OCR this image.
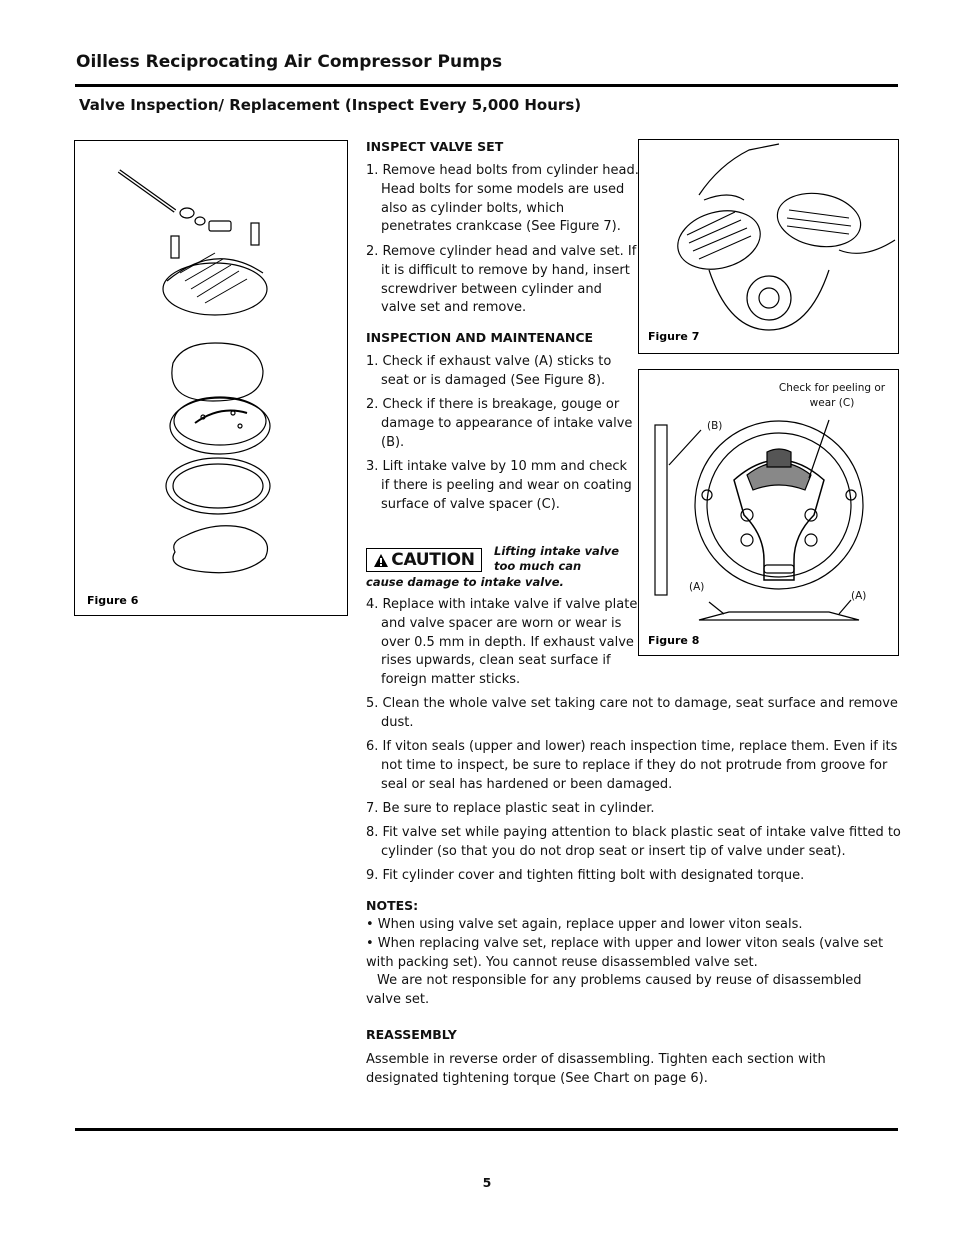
Oilless Reciprocating Air Compressor Pumps
Valve Inspection/ Replacement (Inspect Every 5,000 Hours)
Figure 6
Figure 7
Figure 8
Check for peeling or wear (C)
(B)
(A)
(A)
INSPECT VALVE SET
1. Remove head bolts from cylinder head. Head bolts for some models are used also as cylinder bolts, which penetrates crankcase (See Figure 7).
2. Remove cylinder head and valve set. If it is difficult to remove by hand, insert screwdriver between cylinder and valve set and remove.
INSPECTION AND MAINTENANCE
1. Check if exhaust valve (A) sticks to seat or is damaged (See Figure 8).
2. Check if there is breakage, gouge or damage to appearance of intake valve (B).
3. Lift intake valve by 10 mm and check if there is peeling and wear on coating surface of valve spacer (C).
CAUTION Lifting intake valve too much can
cause damage to intake valve.
4. Replace with intake valve if valve plate and valve spacer are worn or wear is over 0.5 mm in depth. If exhaust valve rises upwards, clean seat surface if foreign matter sticks.
5. Clean the whole valve set taking care not to damage, seat surface and remove dust.
6. If viton seals (upper and lower) reach inspection time, replace them. Even if its not time to inspect, be sure to replace if they do not protrude from groove for seal or seal has hardened or been damaged.
7. Be sure to replace plastic seat in cylinder.
8. Fit valve set while paying attention to black plastic seat of intake valve fitted to cylinder (so that you do not drop seat or insert tip of valve under seat).
9. Fit cylinder cover and tighten fitting bolt with designated torque.
NOTES:
• When using valve set again, replace upper and lower viton seals.
• When replacing valve set, replace with upper and lower viton seals (valve set with packing set). You cannot reuse disassembled valve set.
We are not responsible for any problems caused by reuse of disassembled valve set.
REASSEMBLY
Assemble in reverse order of disassembling. Tighten each section with designated tightening torque (See Chart on page 6).
5
